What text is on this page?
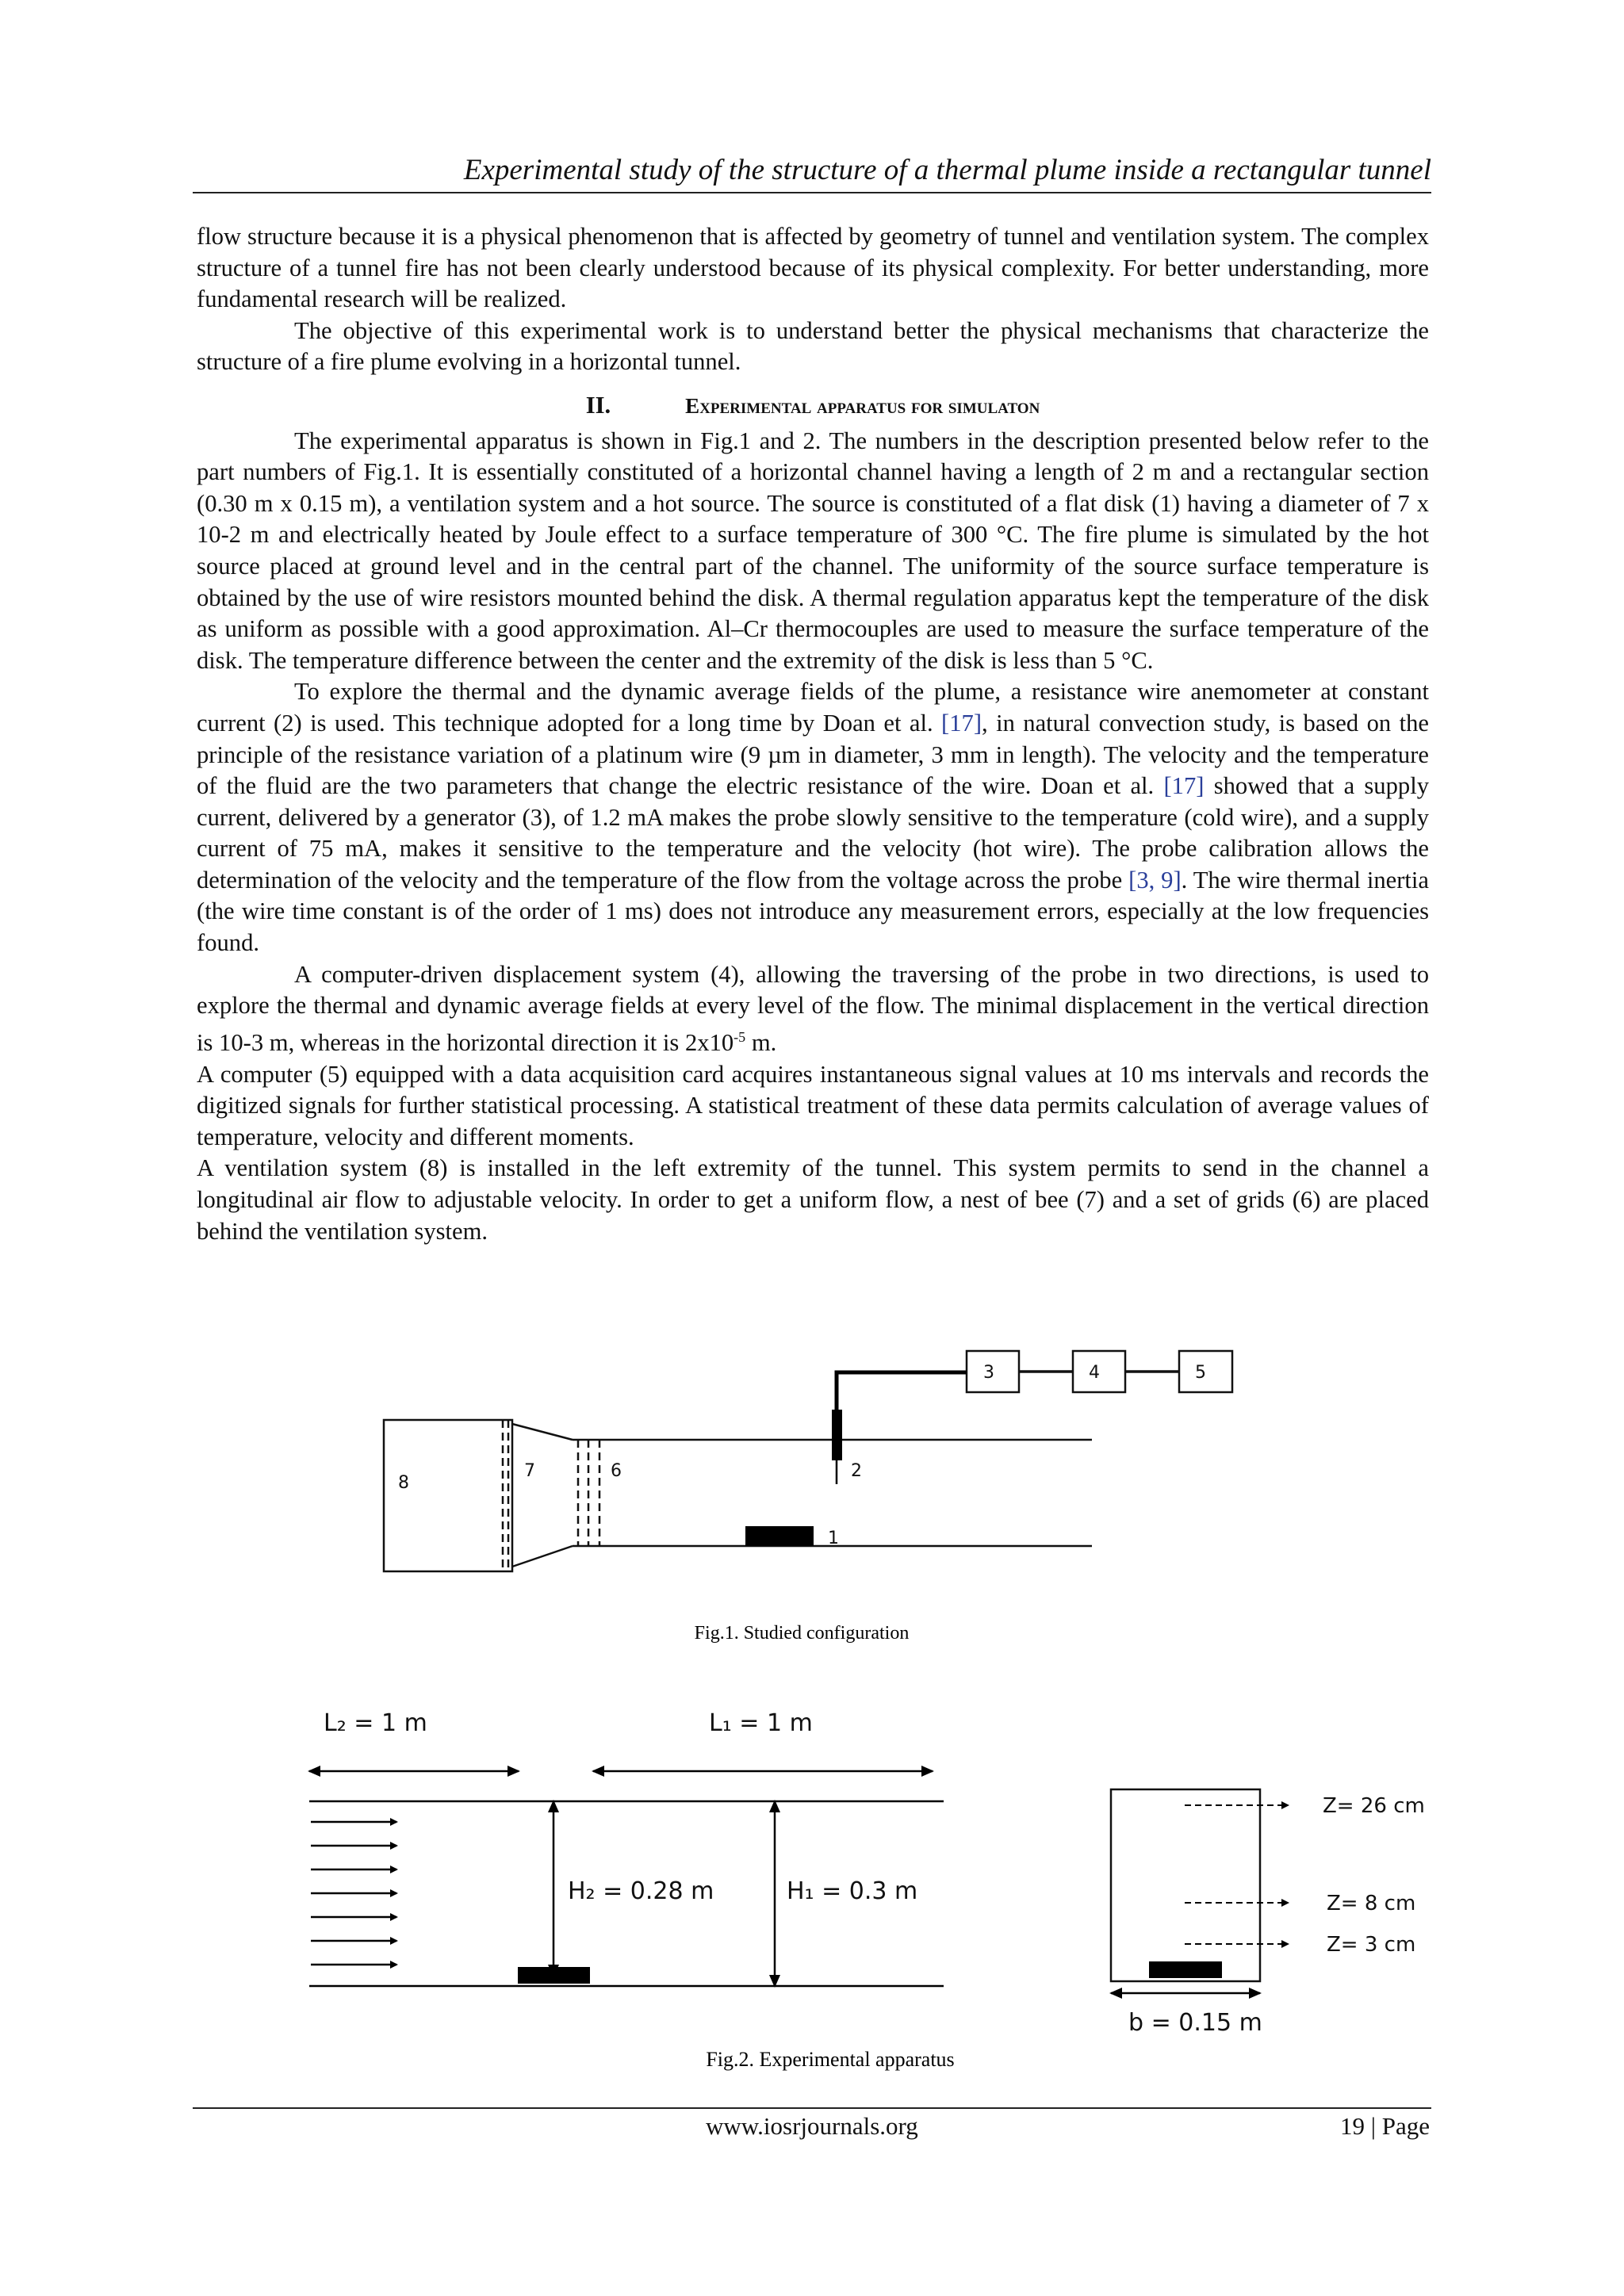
Experimental study of the structure of a thermal plume inside a rectangular tunnel

flow structure because it is a physical phenomenon that is affected by geometry of tunnel and ventilation system. The complex structure of a tunnel fire has not been clearly understood because of its physical complexity. For better understanding, more fundamental research will be realized.

The objective of this experimental work is to understand better the physical mechanisms that characterize the structure of a fire plume evolving in a horizontal tunnel.

II.	Experimental apparatus for simulaton

The experimental apparatus is shown in Fig.1 and 2. The numbers in the description presented below refer to the part numbers of Fig.1. It is essentially constituted of a horizontal channel having a length of 2 m and a rectangular section (0.30 m x 0.15 m), a ventilation system and a hot source. The source is constituted of a flat disk (1) having a diameter of 7 x 10-2 m and electrically heated by Joule effect to a surface temperature of 300 °C. The fire plume is simulated by the hot source placed at ground level and in the central part of the channel. The uniformity of the source surface temperature is obtained by the use of wire resistors mounted behind the disk. A thermal regulation apparatus kept the temperature of the disk as uniform as possible with a good approximation. Al–Cr thermocouples are used to measure the surface temperature of the disk. The temperature difference between the center and the extremity of the disk is less than 5 °C.

To explore the thermal and the dynamic average fields of the plume, a resistance wire anemometer at constant current (2) is used. This technique adopted for a long time by Doan et al. [17], in natural convection study, is based on the principle of the resistance variation of a platinum wire (9 µm in diameter, 3 mm in length). The velocity and the temperature of the fluid are the two parameters that change the electric resistance of the wire. Doan et al. [17] showed that a supply current, delivered by a generator (3), of 1.2 mA makes the probe slowly sensitive to the temperature (cold wire), and a supply current of 75 mA, makes it sensitive to the temperature and the velocity (hot wire). The probe calibration allows the determination of the velocity and the temperature of the flow from the voltage across the probe [3, 9]. The wire thermal inertia (the wire time constant is of the order of 1 ms) does not introduce any measurement errors, especially at the low frequencies found.

A computer-driven displacement system (4), allowing the traversing of the probe in two directions, is used to explore the thermal and dynamic average fields at every level of the flow. The minimal displacement in the vertical direction is 10-3 m, whereas in the horizontal direction it is $2x10^{-5}$ m.

A computer (5) equipped with a data acquisition card acquires instantaneous signal values at 10 ms intervals and records the digitized signals for further statistical processing. A statistical treatment of these data permits calculation of average values of temperature, velocity and different moments.

A ventilation system (8) is installed in the left extremity of the tunnel. This system permits to send in the channel a longitudinal air flow to adjustable velocity. In order to get a uniform flow, a nest of bee (7) and a set of grids (6) are placed behind the ventilation system.

8
7	6	2
1
3	4	5
Fig.1. Studied configuration
L₂ = 1 m	L₁ = 1 m
H₂ = 0.28 m	H₁ = 0.3 m
b = 0.15 m
Z= 26 cm
Z= 8 cm
Z= 3 cm
Fig.2. Experimental apparatus
www.iosrjournals.org	19 | Page
